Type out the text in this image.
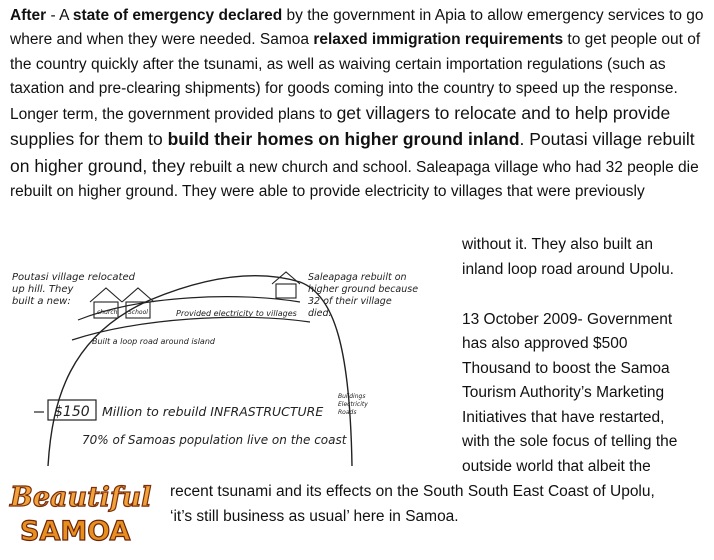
After - A state of emergency declared by the government in Apia to allow emergency services to go where and when they were needed. Samoa relaxed immigration requirements to get people out of the country quickly after the tsunami, as well as waiving certain importation regulations (such as taxation and pre-clearing shipments) for goods coming into the country to speed up the response. Longer term, the government provided plans to get villagers to relocate and to help provide supplies for them to build their homes on higher ground inland. Poutasi village rebuilt on higher ground, they rebuilt a new church and school. Saleapaga village who had 32 people die rebuilt on higher ground. They were able to provide electricity to villages that were previously
without it. They also built an
inland loop road around Upolu.
13 October 2009- Government
has also approved $500
Thousand to boost the Samoa
Tourism Authority’s Marketing
Initiatives that have restarted,
with the sole focus of telling the
outside world that albeit the
recent tsunami and its effects on the South South East Coast of Upolu,
‘it’s still business as usual’ here in Samoa.
church School
Poutasi village relocated
up hill. They
built a new:
Saleapaga rebuilt on
higher ground because
32 of their village
died.
Provided electricity to villages
Built a loop road around island
$150 Million to rebuild INFRASTRUCTURE
Buildings
Electricity
Roads
70% of Samoas population live on the coast
Beautiful
SAMOA
